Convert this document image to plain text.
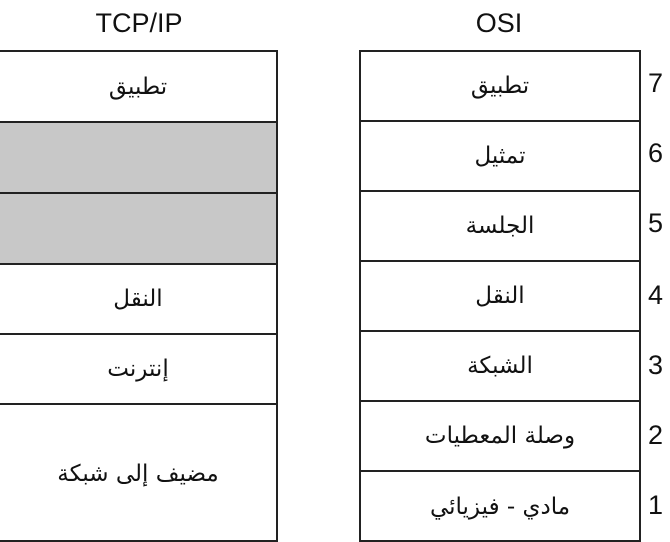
TCP/IP	OSI
تطبيق
النقل
إنترنت
مضيف إلى شبكة
تطبيق
تمثيل
الجلسة
النقل
الشبكة
وصلة المعطيات
مادي - فيزيائي
7
6
5
4
3
2
1
